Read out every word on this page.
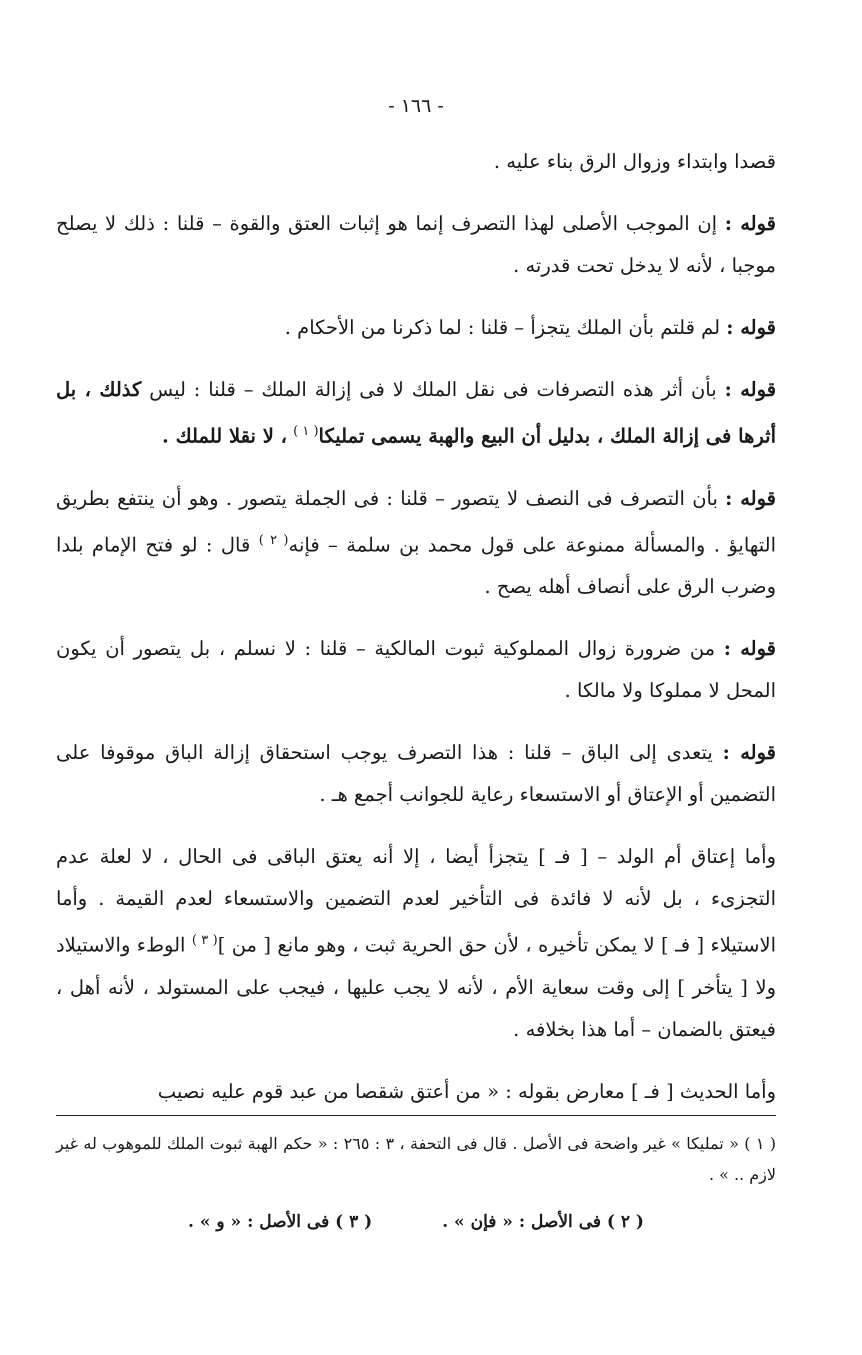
- ١٦٦ -

قصدا وابتداء وزوال الرق بناء عليه .

قوله : إن الموجب الأصلى لهذا التصرف إنما هو إثبات العتق والقوة – قلنا : ذلك لا يصلح موجبا ، لأنه لا يدخل تحت قدرته .

قوله : لم قلتم بأن الملك يتجزأ – قلنا : لما ذكرنا من الأحكام .

قوله : بأن أثر هذه التصرفات فى نقل الملك لا فى إزالة الملك – قلنا : ليس كذلك ، بل أثرها فى إزالة الملك ، بدليل أن البيع والهبة يسمى تمليكا$^{( ١ )}$ ، لا نقلا للملك .

قوله : بأن التصرف فى النصف لا يتصور – قلنا : فى الجملة يتصور . وهو أن ينتفع بطريق التهايؤ . والمسألة ممنوعة على قول محمد بن سلمة – فإنه$^{( ٢ )}$ قال : لو فتح الإمام بلدا وضرب الرق على أنصاف أهله يصح .

قوله : من ضرورة زوال المملوكية ثبوت المالكية – قلنا : لا نسلم ، بل يتصور أن يكون المحل لا مملوكا ولا مالكا .

قوله : يتعدى إلى الباق – قلنا : هذا التصرف يوجب استحقاق إزالة الباق موقوفا على التضمين أو الإعتاق أو الاستسعاء رعاية للجوانب أجمع هـ .

وأما إعتاق أم الولد – [ فـ ] يتجزأ أيضا ، إلا أنه يعتق الباقى فى الحال ، لا لعلة عدم التجزىء ، بل لأنه لا فائدة فى التأخير لعدم التضمين والاستسعاء لعدم القيمة . وأما الاستيلاء [ فـ ] لا يمكن تأخيره ، لأن حق الحرية ثبت ، وهو مانع [ من ]$^{( ٣ )}$ الوطء والاستيلاد ولا [ يتأخر ] إلى وقت سعاية الأم ، لأنه لا يجب عليها ، فيجب على المستولد ، لأنه أهل ، فيعتق بالضمان – أما هذا بخلافه .

وأما الحديث [ فـ ] معارض بقوله : « من أعتق شقصا من عبد قوم عليه نصيب

( ١ ) « تمليكا » غير واضحة فى الأصل . قال فى التحفة ، ٣ : ٢٦٥ : « حكم الهبة ثبوت الملك للموهوب له غير لازم .. » .

( ٢ ) فى الأصل : « فإن » .
( ٣ ) فى الأصل : « و » .
